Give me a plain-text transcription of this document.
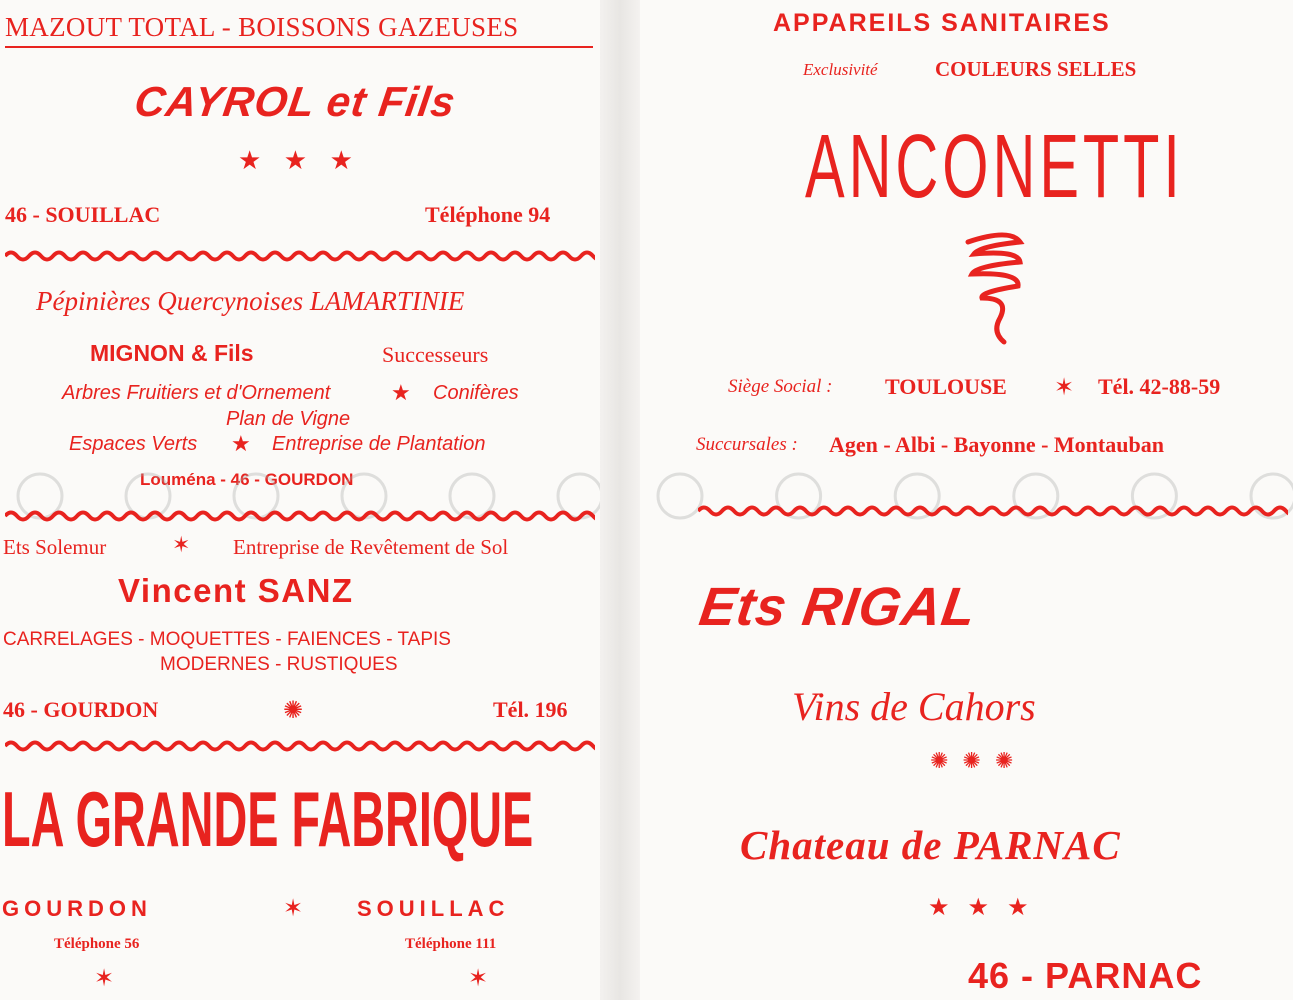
MAZOUT TOTAL - BOISSONS GAZEUSES
CAYROL et Fils
★ ★ ★
46 - SOUILLAC	Téléphone 94
Pépinières Quercynoises LAMARTINIE
MIGNON & Fils	Successeurs
Arbres Fruitiers et d'Ornement	★ Conifères
Plan de Vigne
Espaces Verts ★ Entreprise de Plantation
Louména - 46 - GOURDON
Ets Solemur	✶ Entreprise de Revêtement de Sol
Vincent SANZ
CARRELAGES - MOQUETTES - FAIENCES - TAPIS
MODERNES - RUSTIQUES
46 - GOURDON	✺	Tél. 196
LA GRANDE FABRIQUE
GOURDON	✶ SOUILLAC
Téléphone 56	Téléphone 111
✶	✶
APPAREILS SANITAIRES
Exclusivité	COULEURS SELLES
ANCONETTI
Siège Social : TOULOUSE ✶ Tél. 42-88-59
Succursales : Agen - Albi - Bayonne - Montauban
Ets RIGAL
Vins de Cahors
✺✺✺
Chateau de PARNAC
★ ★ ★
46 - PARNAC
